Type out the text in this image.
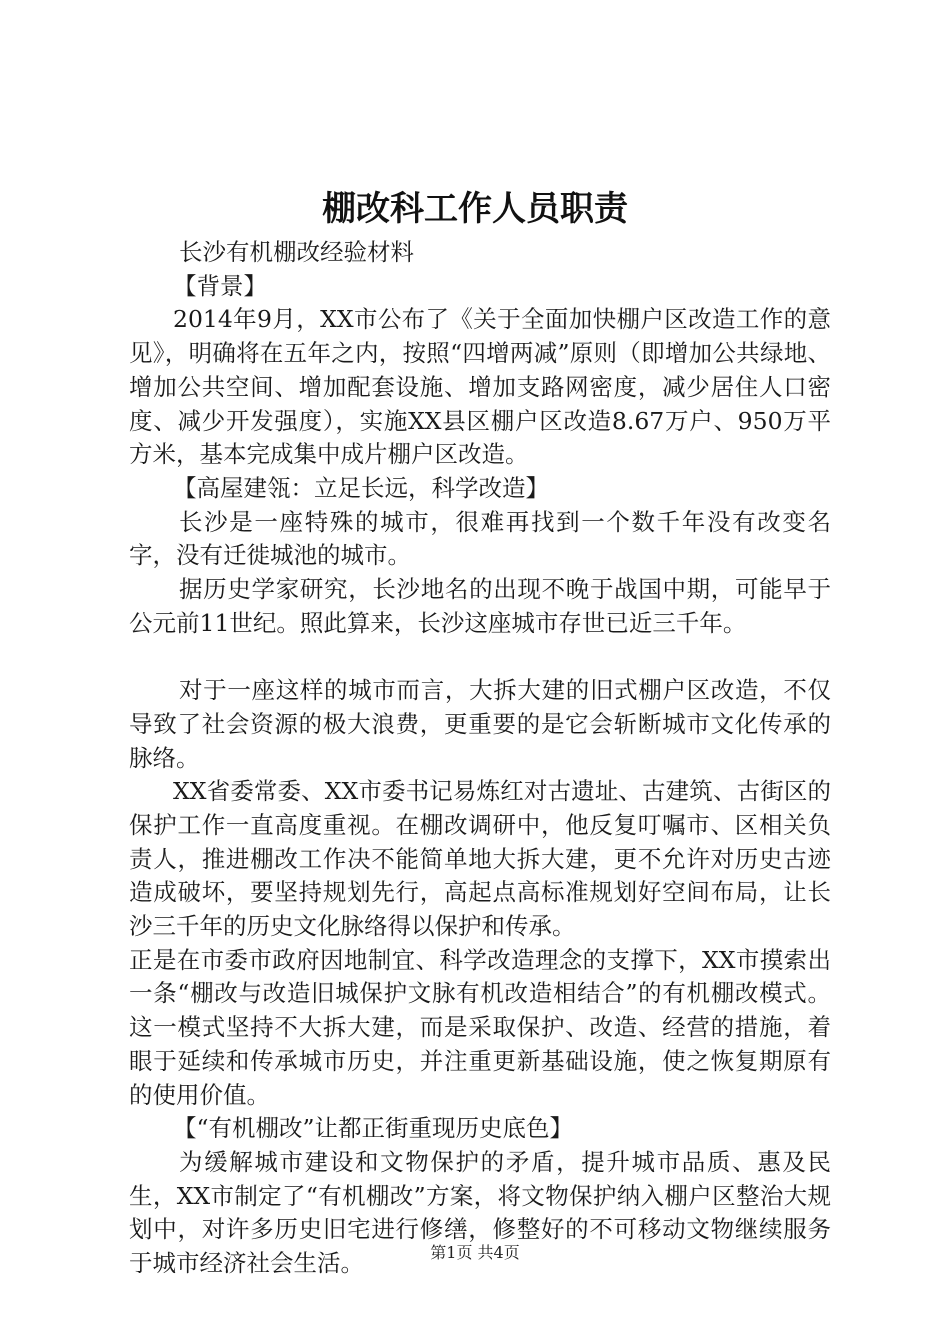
棚改科工作人员职责

长沙有机棚改经验材料

【背景】

2014年9月，XX市公布了《关于全面加快棚户区改造工作的意见》，明确将在五年之内，按照“四增两减”原则（即增加公共绿地、增加公共空间、增加配套设施、增加支路网密度，减少居住人口密度、减少开发强度），实施XX县区棚户区改造8.67万户、950万平方米，基本完成集中成片棚户区改造。

【高屋建瓴：立足长远，科学改造】

长沙是一座特殊的城市，很难再找到一个数千年没有改变名字，没有迁徙城池的城市。

据历史学家研究，长沙地名的出现不晚于战国中期，可能早于公元前11世纪。照此算来，长沙这座城市存世已近三千年。

对于一座这样的城市而言，大拆大建的旧式棚户区改造，不仅导致了社会资源的极大浪费，更重要的是它会斩断城市文化传承的脉络。

XX省委常委、XX市委书记易炼红对古遗址、古建筑、古街区的保护工作一直高度重视。在棚改调研中，他反复叮嘱市、区相关负责人，推进棚改工作决不能简单地大拆大建，更不允许对历史古迹造成破坏，要坚持规划先行，高起点高标准规划好空间布局，让长沙三千年的历史文化脉络得以保护和传承。

正是在市委市政府因地制宜、科学改造理念的支撑下，XX市摸索出一条“棚改与改造旧城保护文脉有机改造相结合”的有机棚改模式。这一模式坚持不大拆大建，而是采取保护、改造、经营的措施，着眼于延续和传承城市历史，并注重更新基础设施，使之恢复期原有的使用价值。

【“有机棚改”让都正街重现历史底色】

为缓解城市建设和文物保护的矛盾，提升城市品质、惠及民生，XX市制定了“有机棚改”方案，将文物保护纳入棚户区整治大规划中，对许多历史旧宅进行修缮，修整好的不可移动文物继续服务于城市经济社会生活。	第1页 共4页
